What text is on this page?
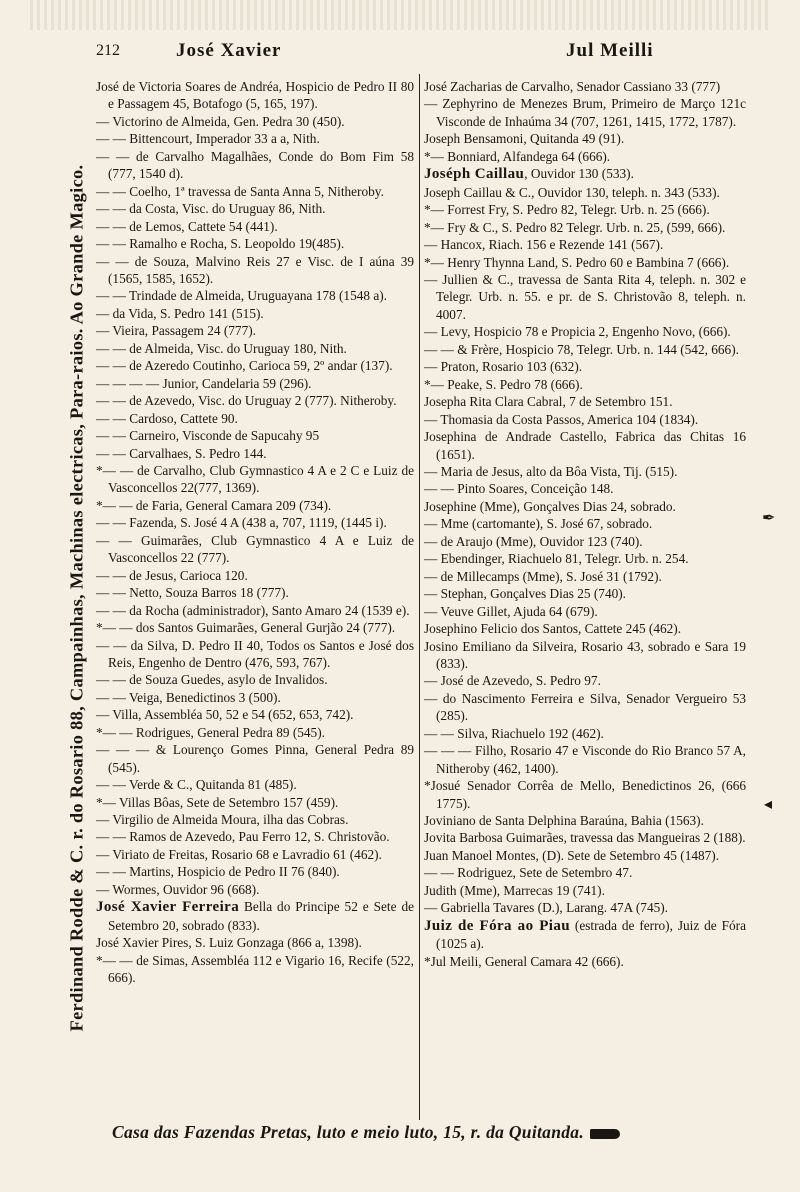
212	José Xavier	Jul Meilli
Ferdinand Rodde & C. r. do Rosario 88, Campainhas, Machinas electricas, Para-raios. Ao Grande Magico.

José de Victoria Soares de Andréa, Hospicio de Pedro II 80 e Passagem 45, Botafogo (5, 165, 197).

— Victorino de Almeida, Gen. Pedra 30 (450).

— — Bittencourt, Imperador 33 a a, Nith.

— — de Carvalho Magalhães, Conde do Bom Fim 58 (777, 1540 d).

— — Coelho, 1ª travessa de Santa Anna 5, Nitheroby.

— — da Costa, Visc. do Uruguay 86, Nith.

— — de Lemos, Cattete 54 (441).

— — Ramalho e Rocha, S. Leopoldo 19(485).

— — de Souza, Malvino Reis 27 e Visc. de I aúna 39 (1565, 1585, 1652).

— — Trindade de Almeida, Uruguayana 178 (1548 a).

— da Vida, S. Pedro 141 (515).

— Vieira, Passagem 24 (777).

— — de Almeida, Visc. do Uruguay 180, Nith.

— — de Azeredo Coutinho, Carioca 59, 2º andar (137).

— — — — Junior, Candelaria 59 (296).

— — de Azevedo, Visc. do Uruguay 2 (777). Nitheroby.

— — Cardoso, Cattete 90.

— — Carneiro, Visconde de Sapucahy 95

— — Carvalhaes, S. Pedro 144.

*— — de Carvalho, Club Gymnastico 4 A e 2 C e Luiz de Vasconcellos 22(777, 1369).

*— — de Faria, General Camara 209 (734).

— — Fazenda, S. José 4 A (438 a, 707, 1119, (1445 i).

— — Guimarães, Club Gymnastico 4 A e Luiz de Vasconcellos 22 (777).

— — de Jesus, Carioca 120.

— — Netto, Souza Barros 18 (777).

— — da Rocha (administrador), Santo Amaro 24 (1539 e).

*— — dos Santos Guimarães, General Gurjão 24 (777).

— — da Silva, D. Pedro II 40, Todos os Santos e José dos Reis, Engenho de Dentro (476, 593, 767).

— — de Souza Guedes, asylo de Invalidos.

— — Veiga, Benedictinos 3 (500).

— Villa, Assembléa 50, 52 e 54 (652, 653, 742).

*— — Rodrigues, General Pedra 89 (545).

— — — & Lourenço Gomes Pinna, General Pedra 89 (545).

— — Verde & C., Quitanda 81 (485).

*— Villas Bôas, Sete de Setembro 157 (459).

— Virgilio de Almeida Moura, ilha das Cobras.

— — Ramos de Azevedo, Pau Ferro 12, S. Christovão.

— Viriato de Freitas, Rosario 68 e Lavradio 61 (462).

— — Martins, Hospicio de Pedro II 76 (840).

— Wormes, Ouvidor 96 (668).

José Xavier Ferreira Bella do Principe 52 e Sete de Setembro 20, sobrado (833).

José Xavier Pires, S. Luiz Gonzaga (866 a, 1398).

*— — de Simas, Assembléa 112 e Vigario 16, Recife (522, 666).

José Zacharias de Carvalho, Senador Cassiano 33 (777)

— Zephyrino de Menezes Brum, Primeiro de Março 121c Visconde de Inhaúma 34 (707, 1261, 1415, 1772, 1787).

Joseph Bensamoni, Quitanda 49 (91).

*— Bonniard, Alfandega 64 (666).

Joséph Caillau, Ouvidor 130 (533).

Joseph Caillau & C., Ouvidor 130, teleph. n. 343 (533).

*— Forrest Fry, S. Pedro 82, Telegr. Urb. n. 25 (666).

*— Fry & C., S. Pedro 82 Telegr. Urb. n. 25, (599, 666).

— Hancox, Riach. 156 e Rezende 141 (567).

*— Henry Thynna Land, S. Pedro 60 e Bambina 7 (666).

— Jullien & C., travessa de Santa Rita 4, teleph. n. 302 e Telegr. Urb. n. 55. e pr. de S. Christovão 8, teleph. n. 4007.

— Levy, Hospicio 78 e Propicia 2, Engenho Novo, (666).

— — & Frère, Hospicio 78, Telegr. Urb. n. 144 (542, 666).

— Praton, Rosario 103 (632).

*— Peake, S. Pedro 78 (666).

Josepha Rita Clara Cabral, 7 de Setembro 151.

— Thomasia da Costa Passos, America 104 (1834).

Josephina de Andrade Castello, Fabrica das Chitas 16 (1651).

— Maria de Jesus, alto da Bôa Vista, Tij. (515).

— — Pinto Soares, Conceição 148.

Josephine (Mme), Gonçalves Dias 24, sobrado.

— Mme (cartomante), S. José 67, sobrado.

— de Araujo (Mme), Ouvidor 123 (740).

— Ebendinger, Riachuelo 81, Telegr. Urb. n. 254.

— de Millecamps (Mme), S. José 31 (1792).

— Stephan, Gonçalves Dias 25 (740).

— Veuve Gillet, Ajuda 64 (679).

Josephino Felicio dos Santos, Cattete 245 (462).

Josino Emiliano da Silveira, Rosario 43, sobrado e Sara 19 (833).

— José de Azevedo, S. Pedro 97.

— do Nascimento Ferreira e Silva, Senador Vergueiro 53 (285).

— — Silva, Riachuelo 192 (462).

— — — Filho, Rosario 47 e Visconde do Rio Branco 57 A, Nitheroby (462, 1400).

*Josué Senador Corrêa de Mello, Benedictinos 26, (666 1775).

Joviniano de Santa Delphina Baraúna, Bahia (1563).

Jovita Barbosa Guimarães, travessa das Mangueiras 2 (188).

Juan Manoel Montes, (D). Sete de Setembro 45 (1487).

— — Rodriguez, Sete de Setembro 47.

Judith (Mme), Marrecas 19 (741).

— Gabriella Tavares (D.), Larang. 47A (745).

Juiz de Fóra ao Piau (estrada de ferro), Juiz de Fóra (1025 a).

*Jul Meili, General Camara 42 (666).

Casa das Fazendas Pretas, luto e meio luto, 15, r. da Quitanda.
✒
◂
